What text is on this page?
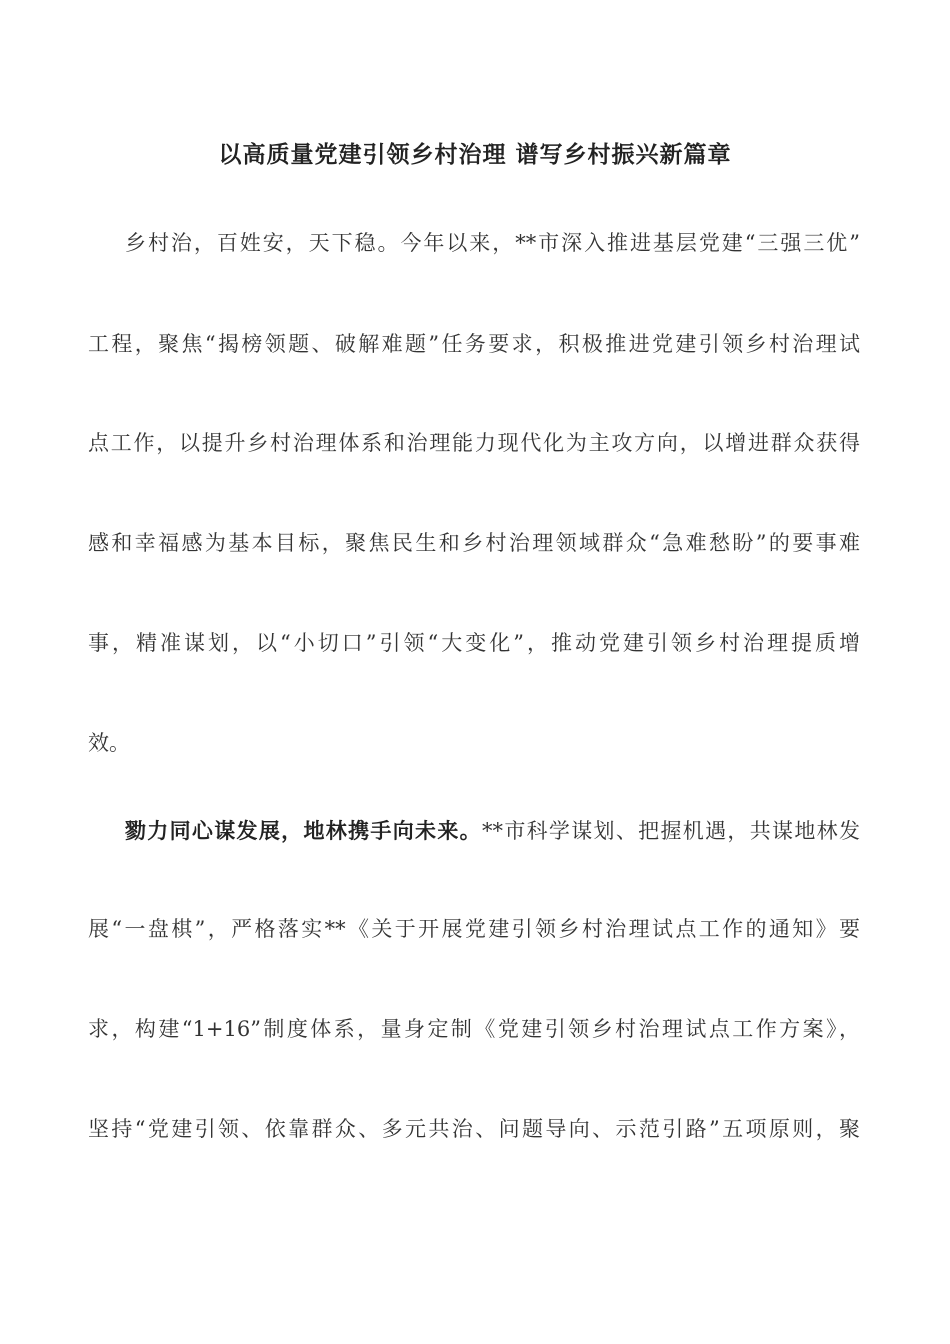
以高质量党建引领乡村治理 谱写乡村振兴新篇章
乡村治，百姓安，天下稳。今年以来，**市深入推进基层党建“三强三优”
工程，聚焦“揭榜领题、破解难题”任务要求，积极推进党建引领乡村治理试
点工作，以提升乡村治理体系和治理能力现代化为主攻方向，以增进群众获得
感和幸福感为基本目标，聚焦民生和乡村治理领域群众“急难愁盼”的要事难
事，精准谋划，以“小切口”引领“大变化”，推动党建引领乡村治理提质增
效。
勠力同心谋发展，地林携手向未来。**市科学谋划、把握机遇，共谋地林发
展“一盘棋”，严格落实**《关于开展党建引领乡村治理试点工作的通知》要
求，构建“1+16”制度体系，量身定制《党建引领乡村治理试点工作方案》，
坚持“党建引领、依靠群众、多元共治、问题导向、示范引路”五项原则，聚
